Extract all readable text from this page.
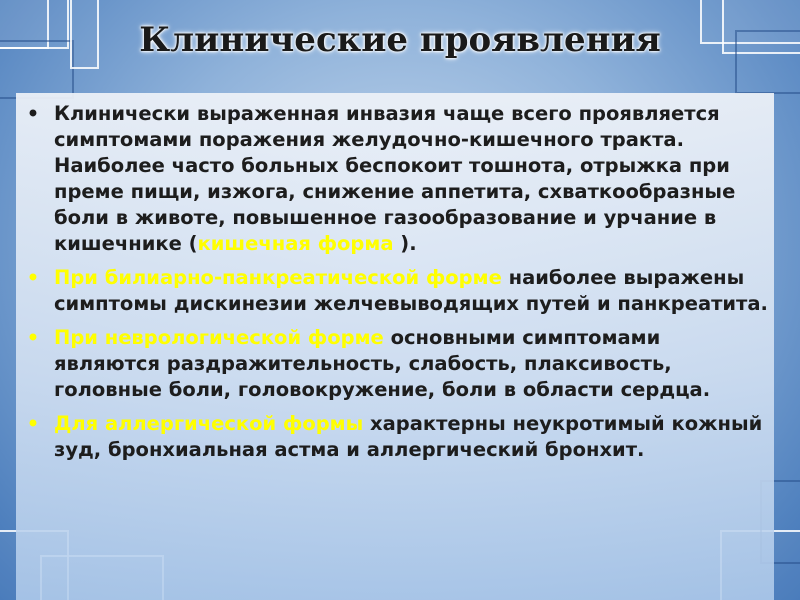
Клинические проявления
• Клинически выраженная инвазия чаще всего проявляется симптомами поражения желудочно-кишечного тракта. Наиболее часто больных беспокоит тошнота, отрыжка при преме пищи, изжога, снижение аппетита, схваткообразные боли в животе, повышенное газообразование и урчание в кишечнике (кишечная форма ).
• При билиарно-панкреатической форме наиболее выражены симптомы дискинезии желчевыводящих путей и панкреатита.
• При неврологической форме основными симптомами являются раздражительность, слабость, плаксивость, головные боли, головокружение, боли в области сердца.
• Для аллергической формы характерны неукротимый кожный зуд, бронхиальная астма и аллергический бронхит.
